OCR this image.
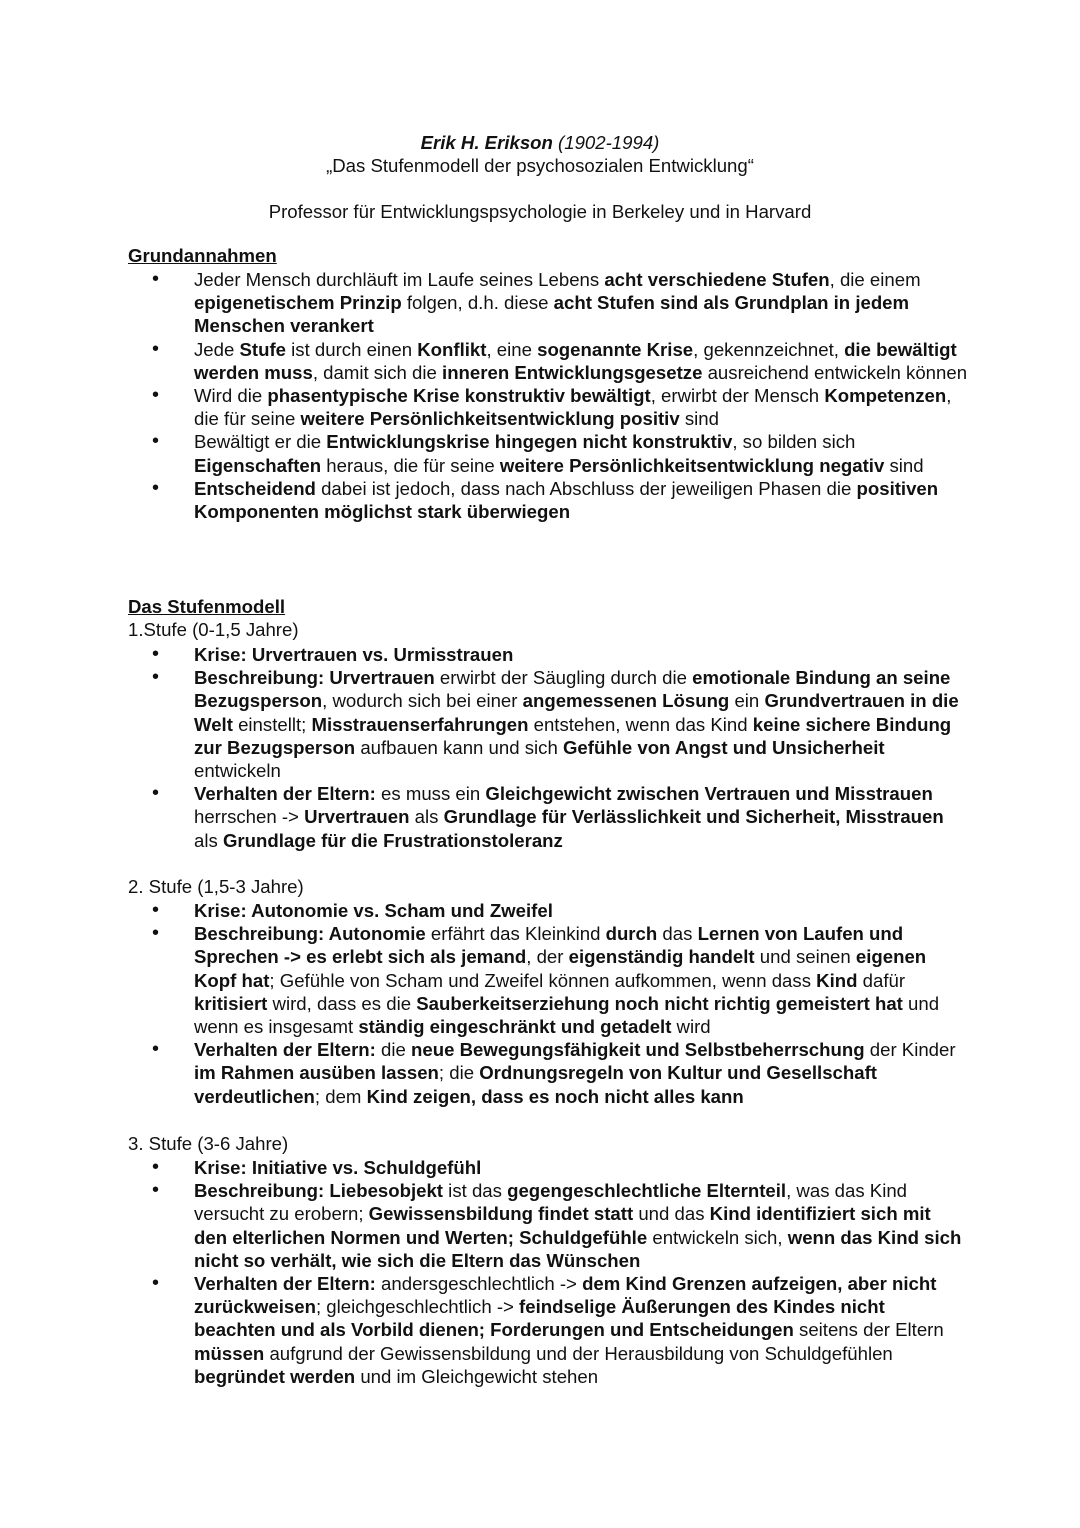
Erik H. Erikson (1902-1994)
„Das Stufenmodell der psychosozialen Entwicklung“
Professor für Entwicklungspsychologie in Berkeley und in Harvard
Grundannahmen
• Jeder Mensch durchläuft im Laufe seines Lebens acht verschiedene Stufen, die einem epigenetischem Prinzip folgen, d.h. diese acht Stufen sind als Grundplan in jedem Menschen verankert
• Jede Stufe ist durch einen Konflikt, eine sogenannte Krise, gekennzeichnet, die bewältigt werden muss, damit sich die inneren Entwicklungsgesetze ausreichend entwickeln können
• Wird die phasentypische Krise konstruktiv bewältigt, erwirbt der Mensch Kompetenzen, die für seine weitere Persönlichkeitsentwicklung positiv sind
• Bewältigt er die Entwicklungskrise hingegen nicht konstruktiv, so bilden sich Eigenschaften heraus, die für seine weitere Persönlichkeitsentwicklung negativ sind
• Entscheidend dabei ist jedoch, dass nach Abschluss der jeweiligen Phasen die positiven Komponenten möglichst stark überwiegen
Das Stufenmodell
1.Stufe (0-1,5 Jahre)
• Krise: Urvertrauen vs. Urmisstrauen
• Beschreibung: Urvertrauen erwirbt der Säugling durch die emotionale Bindung an seine Bezugsperson, wodurch sich bei einer angemessenen Lösung ein Grundvertrauen in die Welt einstellt; Misstrauenserfahrungen entstehen, wenn das Kind keine sichere Bindung zur Bezugsperson aufbauen kann und sich Gefühle von Angst und Unsicherheit entwickeln
• Verhalten der Eltern: es muss ein Gleichgewicht zwischen Vertrauen und Misstrauen herrschen -> Urvertrauen als Grundlage für Verlässlichkeit und Sicherheit, Misstrauen als Grundlage für die Frustrationstoleranz
2. Stufe (1,5-3 Jahre)
• Krise: Autonomie vs. Scham und Zweifel
• Beschreibung: Autonomie erfährt das Kleinkind durch das Lernen von Laufen und Sprechen -> es erlebt sich als jemand, der eigenständig handelt und seinen eigenen Kopf hat; Gefühle von Scham und Zweifel können aufkommen, wenn dass Kind dafür kritisiert wird, dass es die Sauberkeitserziehung noch nicht richtig gemeistert hat und wenn es insgesamt ständig eingeschränkt und getadelt wird
• Verhalten der Eltern: die neue Bewegungsfähigkeit und Selbstbeherrschung der Kinder im Rahmen ausüben lassen; die Ordnungsregeln von Kultur und Gesellschaft verdeutlichen; dem Kind zeigen, dass es noch nicht alles kann
3. Stufe (3-6 Jahre)
• Krise: Initiative vs. Schuldgefühl
• Beschreibung: Liebesobjekt ist das gegengeschlechtliche Elternteil, was das Kind versucht zu erobern; Gewissensbildung findet statt und das Kind identifiziert sich mit den elterlichen Normen und Werten; Schuldgefühle entwickeln sich, wenn das Kind sich nicht so verhält, wie sich die Eltern das Wünschen
• Verhalten der Eltern: andersgeschlechtlich -> dem Kind Grenzen aufzeigen, aber nicht zurückweisen; gleichgeschlechtlich -> feindselige Äußerungen des Kindes nicht beachten und als Vorbild dienen; Forderungen und Entscheidungen seitens der Eltern müssen aufgrund der Gewissensbildung und der Herausbildung von Schuldgefühlen begründet werden und im Gleichgewicht stehen
